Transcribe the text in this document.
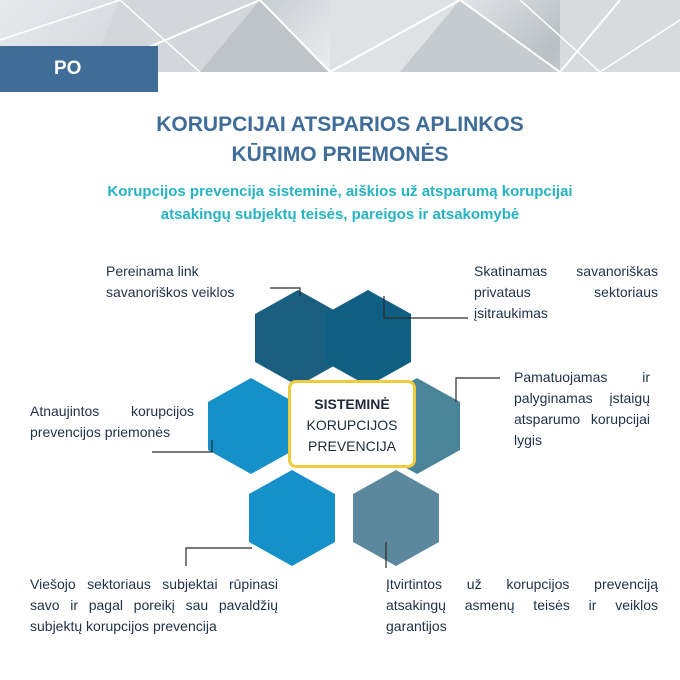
PO
KORUPCIJAI ATSPARIOS APLINKOS
KŪRIMO PRIEMONĖS
Korupcijos prevencija sisteminė, aiškios už atsparumą korupcijai
atsakingų subjektų teisės, pareigos ir atsakomybė
SISTEMINĖ
KORUPCIJOS
PREVENCIJA
Pereinama link savanoriškos veiklos
Skatinamas savanoriškas privataus sektoriaus įsitraukimas
Pamatuojamas ir palyginamas įstaigų atsparumo korupcijai lygis
Atnaujintos korupcijos prevencijos priemonės
Viešojo sektoriaus subjektai rūpinasi savo ir pagal poreikį sau pavaldžių subjektų korupcijos prevencija
Įtvirtintos už korupcijos prevenciją atsakingų asmenų teisės ir veiklos garantijos
